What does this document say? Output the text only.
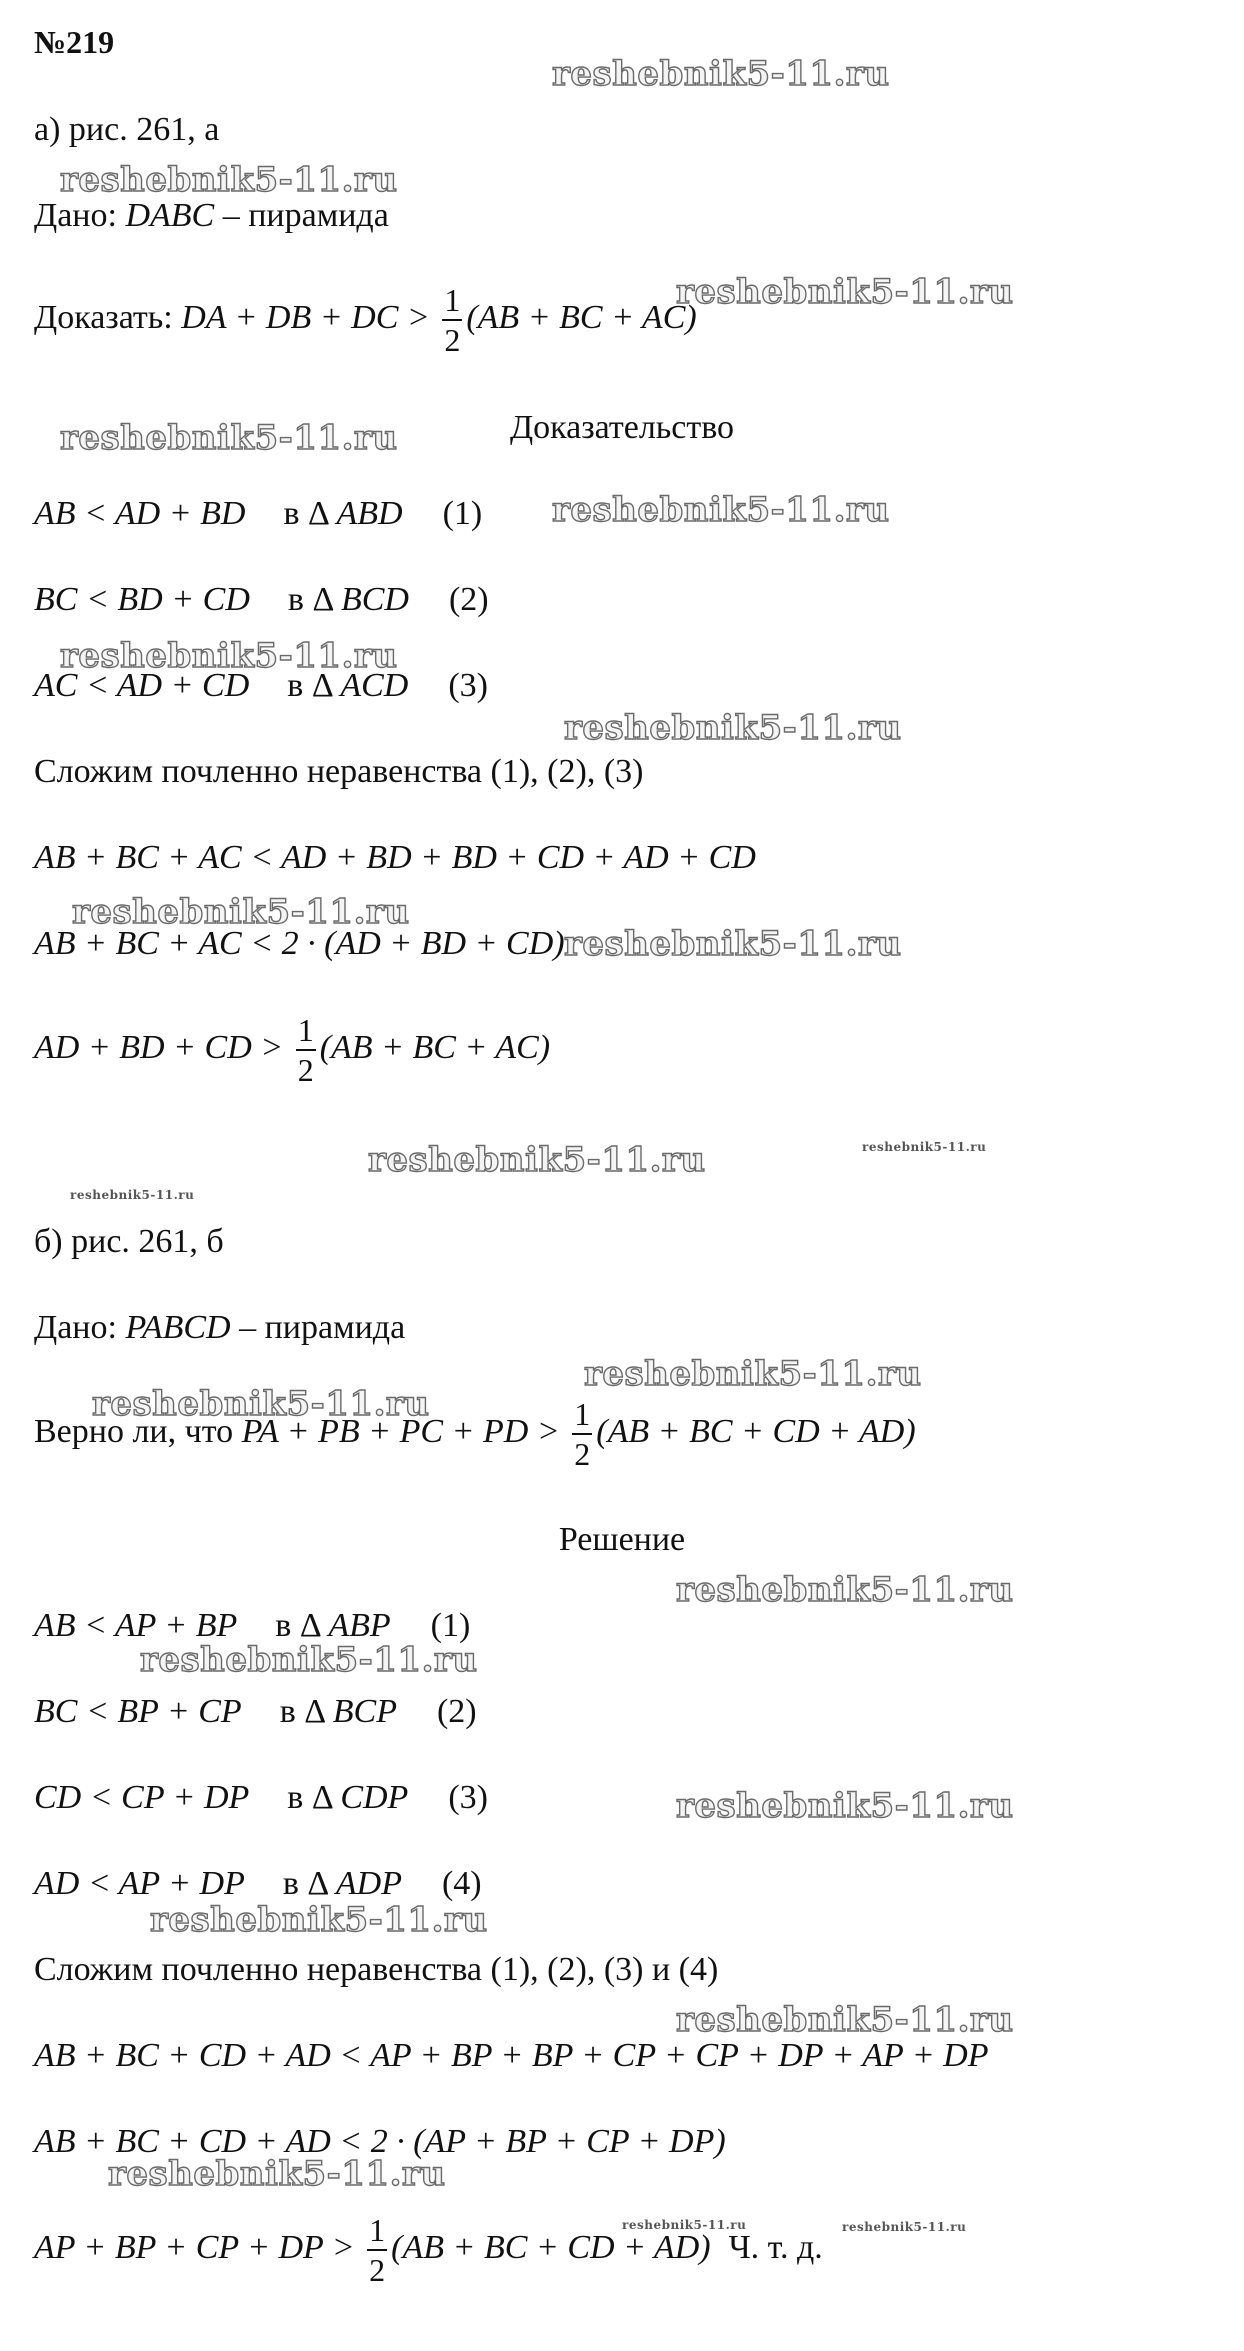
№219
а) рис. 261, а
Дано: DABC – пирамида
Доказать: DA + DB + DC > $\frac{1}{2} (AB$ + BC + AC)
Доказательство
AB < AD + BD в Δ ABD (1)
BC < BD + CD в Δ BCD (2)
AC < AD + CD в Δ ACD (3)
Сложим почленно неравенства (1), (2), (3)
AB + BC + AC < AD + BD + BD + CD + AD + CD
AB + BC + AC < 2 · (AD + BD + CD)
AD + BD + CD > $\frac{1}{2} (AB$ + BC + AC)
б) рис. 261, б
Дано: PABCD – пирамида
Верно ли, что PA + PB + PC + PD > $\frac{1}{2} (AB$ + BC + CD + AD)
Решение
AB < AP + BP в Δ ABP (1)
BC < BP + CP в Δ BCP (2)
CD < CP + DP в Δ CDP (3)
AD < AP + DP в Δ ADP (4)
Сложим почленно неравенства (1), (2), (3) и (4)
AB + BC + CD + AD < AP + BP + BP + CP + CP + DP + AP + DP
AB + BC + CD + AD < 2 · (AP + BP + CP + DP)
AP + BP + CP + DP > $\frac{1}{2} (AB$ + BC + CD + AD) Ч. т. д.
reshebnik5-11.ru
reshebnik5-11.ru
reshebnik5-11.ru
reshebnik5-11.ru
reshebnik5-11.ru
reshebnik5-11.ru
reshebnik5-11.ru
reshebnik5-11.ru
reshebnik5-11.ru
reshebnik5-11.ru	reshebnik5-11.ru
reshebnik5-11.ru
reshebnik5-11.ru
reshebnik5-11.ru
reshebnik5-11.ru
reshebnik5-11.ru
reshebnik5-11.ru
reshebnik5-11.ru
reshebnik5-11.ru
reshebnik5-11.ru
reshebnik5-11.ru	reshebnik5-11.ru
